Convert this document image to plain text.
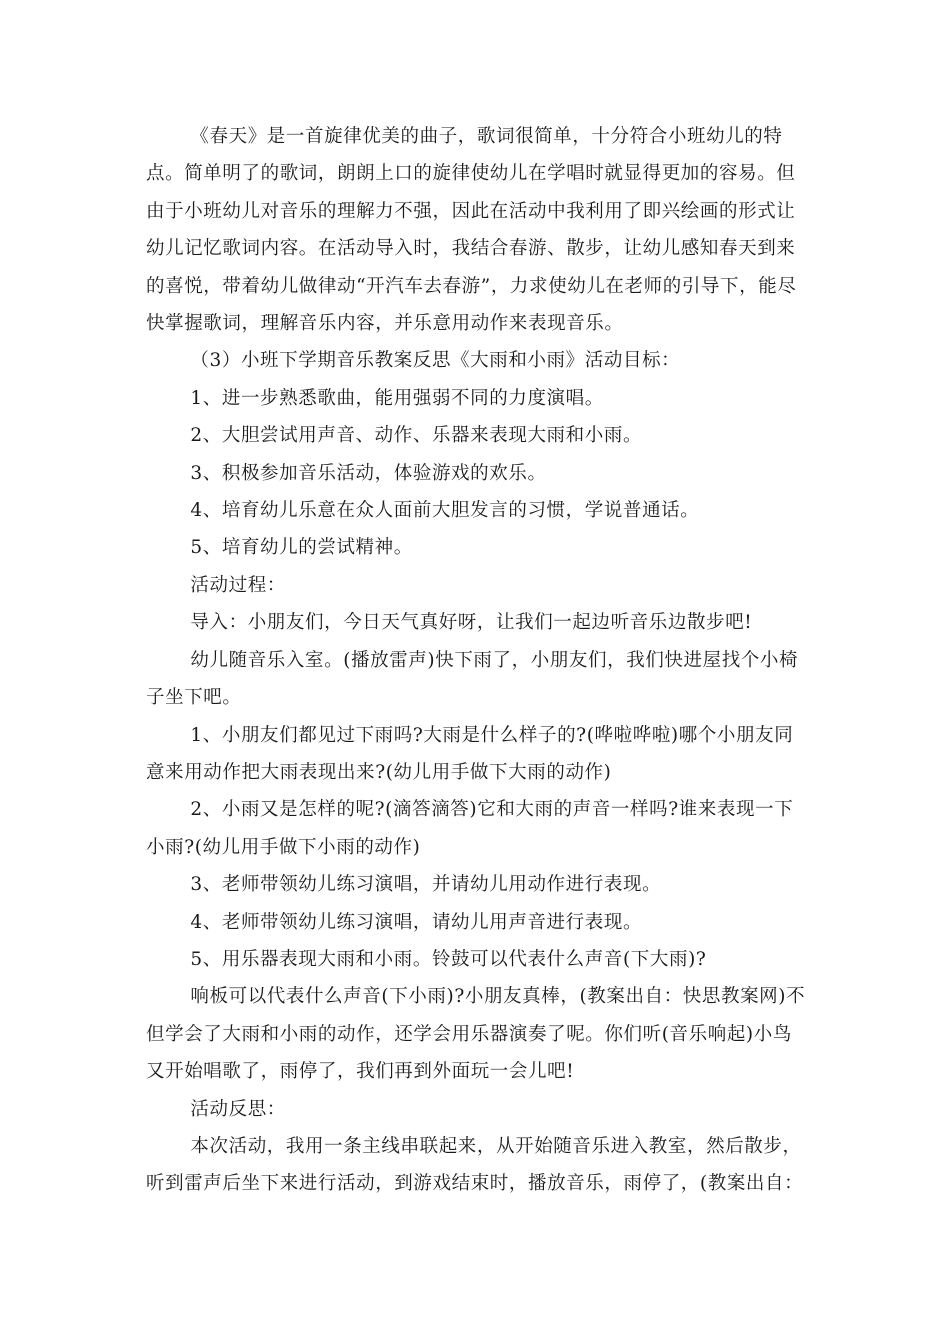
《春天》是一首旋律优美的曲子，歌词很简单，十分符合小班幼儿的特点。简单明了的歌词，朗朗上口的旋律使幼儿在学唱时就显得更加的容易。但由于小班幼儿对音乐的理解力不强，因此在活动中我利用了即兴绘画的形式让幼儿记忆歌词内容。在活动导入时，我结合春游、散步，让幼儿感知春天到来的喜悦，带着幼儿做律动“开汽车去春游”，力求使幼儿在老师的引导下，能尽快掌握歌词，理解音乐内容，并乐意用动作来表现音乐。

（3）小班下学期音乐教案反思《大雨和小雨》活动目标：

1、进一步熟悉歌曲，能用强弱不同的力度演唱。

2、大胆尝试用声音、动作、乐器来表现大雨和小雨。

3、积极参加音乐活动，体验游戏的欢乐。

4、培育幼儿乐意在众人面前大胆发言的习惯，学说普通话。

5、培育幼儿的尝试精神。

活动过程：

导入：小朋友们，今日天气真好呀，让我们一起边听音乐边散步吧!

幼儿随音乐入室。(播放雷声)快下雨了，小朋友们，我们快进屋找个小椅子坐下吧。

1、小朋友们都见过下雨吗?大雨是什么样子的?(哗啦哗啦)哪个小朋友同意来用动作把大雨表现出来?(幼儿用手做下大雨的动作)

2、小雨又是怎样的呢?(滴答滴答)它和大雨的声音一样吗?谁来表现一下小雨?(幼儿用手做下小雨的动作)

3、老师带领幼儿练习演唱，并请幼儿用动作进行表现。

4、老师带领幼儿练习演唱，请幼儿用声音进行表现。

5、用乐器表现大雨和小雨。铃鼓可以代表什么声音(下大雨)?

响板可以代表什么声音(下小雨)?小朋友真棒，(教案出自：快思教案网)不但学会了大雨和小雨的动作，还学会用乐器演奏了呢。你们听(音乐响起)小鸟又开始唱歌了，雨停了，我们再到外面玩一会儿吧!

活动反思：

本次活动，我用一条主线串联起来，从开始随音乐进入教室，然后散步，听到雷声后坐下来进行活动，到游戏结束时，播放音乐，雨停了，(教案出自：
